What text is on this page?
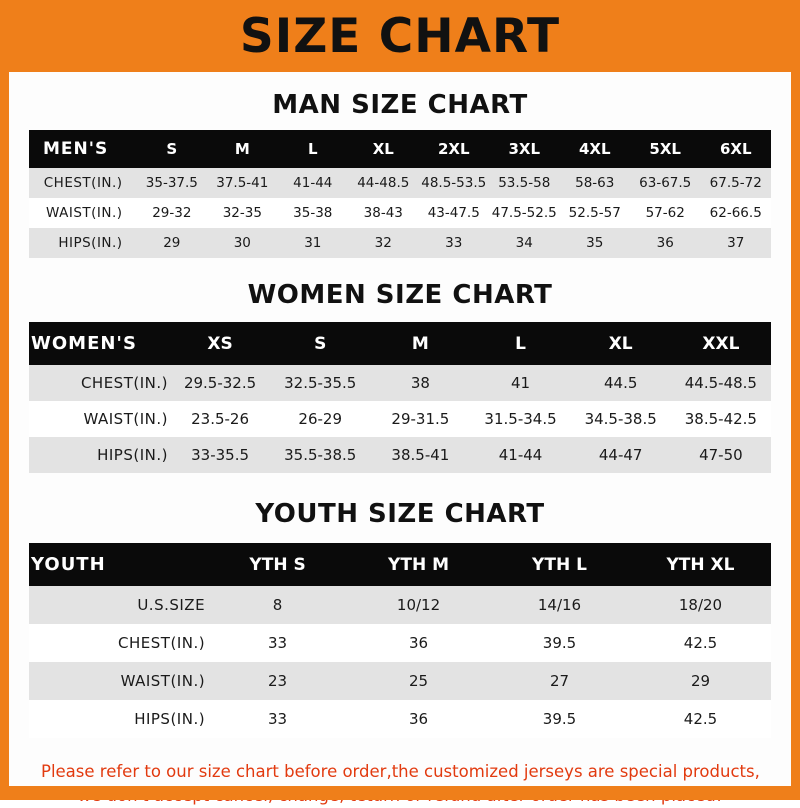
SIZE CHART
MAN SIZE CHART
MEN'S	S	M	L	XL	2XL	3XL	4XL	5XL	6XL
CHEST(IN.)	35-37.5	37.5-41	41-44	44-48.5	48.5-53.5	53.5-58	58-63	63-67.5	67.5-72
WAIST(IN.)	29-32	32-35	35-38	38-43	43-47.5	47.5-52.5	52.5-57	57-62	62-66.5
HIPS(IN.)	29	30	31	32	33	34	35	36	37
WOMEN SIZE CHART
WOMEN'S	XS	S	M	L	XL	XXL
CHEST(IN.)	29.5-32.5	32.5-35.5	38	41	44.5	44.5-48.5
WAIST(IN.)	23.5-26	26-29	29-31.5	31.5-34.5	34.5-38.5	38.5-42.5
HIPS(IN.)	33-35.5	35.5-38.5	38.5-41	41-44	44-47	47-50
YOUTH SIZE CHART
YOUTH	YTH S	YTH M	YTH L	YTH XL
U.S.SIZE	8	10/12	14/16	18/20
CHEST(IN.)	33	36	39.5	42.5
WAIST(IN.)	23	25	27	29
HIPS(IN.)	33	36	39.5	42.5
Please refer to our size chart before order,the customized jerseys are special products,
